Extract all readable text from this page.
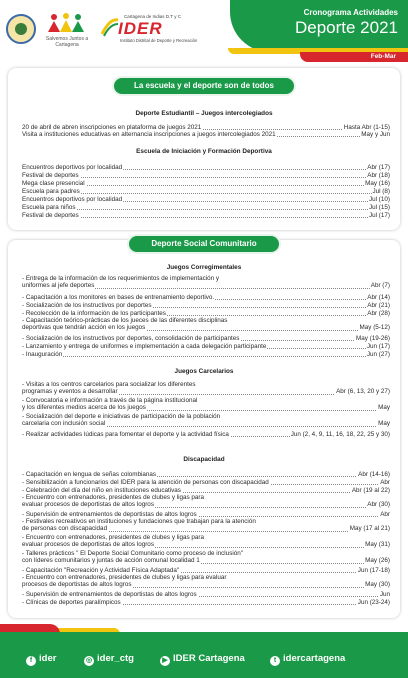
Salvemos Juntos a Cartagena
Cartagena de Indias D.T y C
IDER
Instituto Distrital de Deporte y Recreación
Cronograma Actividades
Deporte 2021
Feb-Mar
La escuela y el deporte son de todos
Deporte Estudiantil – Juegos intercolegiados
20 de abril de abren inscripciones en plataforma de juegos 2021	Hasta Abr (1-15)
Visita a instituciones educativas en alternancia inscripciones a juegos intercolegiados 2021	May y Jun
Escuela de Iniciación y Formación Deportiva
Encuentros deportivos por localidad	Abr (17)
Festival de deportes	Abr (18)
Mega clase presencial	May (16)
Escuela para padres	Jul (8)
Encuentros deportivos por localidad	Jul (10)
Escuela para niños	Jul (15)
Festival de deportes	Jul (17)
Deporte Social Comunitario
Juegos Corregimentales
- Entrega de la información de los requerimientos de implementación y
uniformes al jefe deportes	Abr (7)
- Capacitación a los monitores en bases de entrenamiento deportivo.	Abr (14)
- Socialización de los instructivos por deportes	Abr (21)
- Recolección de la información de los participantes	Abr (28)
- Capacitación teórico-prácticas de los jueces de las diferentes disciplinas
deportivas que tendrán acción en los juegos	May (5-12)
- Socialización de los instructivos por deportes, consolidación de participantes	May (19-26)
- Lanzamiento y entrega de uniformes e implementación a cada delegación participante	Jun (17)
- Inauguración	Jun (27)
Juegos Carcelarios
- Visitas a los centros carcelarios para socializar los diferentes
programas y eventos a desarrollar	Abr (6, 13, 20 y 27)
- Convocatoria e información a través de la página institucional
y los diferentes medios acerca de los juegos	May
- Socialización del deporte e iniciativas de participación de la población
carcelaria con inclusión social	May
- Realizar actividades lúdicas para fomentar el deporte y la actividad física	Jun (2, 4, 9, 11, 16, 18, 22, 25 y 30)
Discapacidad
- Capacitación en lengua de señas colombianas	Abr (14-16)
- Sensibilización a funcionarios del IDER para la atención de personas con discapacidad	Abr
- Celebración del día del niño en instituciones educativas	Abr (19 al 22)
- Encuentro con entrenadores, presidentes de clubes y ligas para
evaluar procesos de deportistas de altos logros	Abr (30)
- Supervisión de entrenamientos de deportistas de altos logros	Abr
- Festivales recreativos en instituciones y fundaciones que trabajan para la atención
de personas con discapacidad	May (17 al 21)
- Encuentro con entrenadores, presidentes de clubes y ligas para
evaluar procesos de deportistas de altos logros	May (31)
- Talleres prácticos " El Deporte Social Comunitario como proceso de inclusión"
con líderes comunitarios y juntas de acción comunal localidad 1	May (26)
- Capacitación "Recreación y Actividad Física Adaptada"	Jun (17-18)
- Encuentro con entrenadores, presidentes de clubes y ligas para evaluar
procesos de deportistas de altos logros	May (30)
- Supervisión de entrenamientos de deportistas de altos logros	Jun
- Clínicas de deportes paralímpicos	Jun (23-24)
f ider	◎ ider_ctg	▶ IDER Cartagena	t idercartagena
